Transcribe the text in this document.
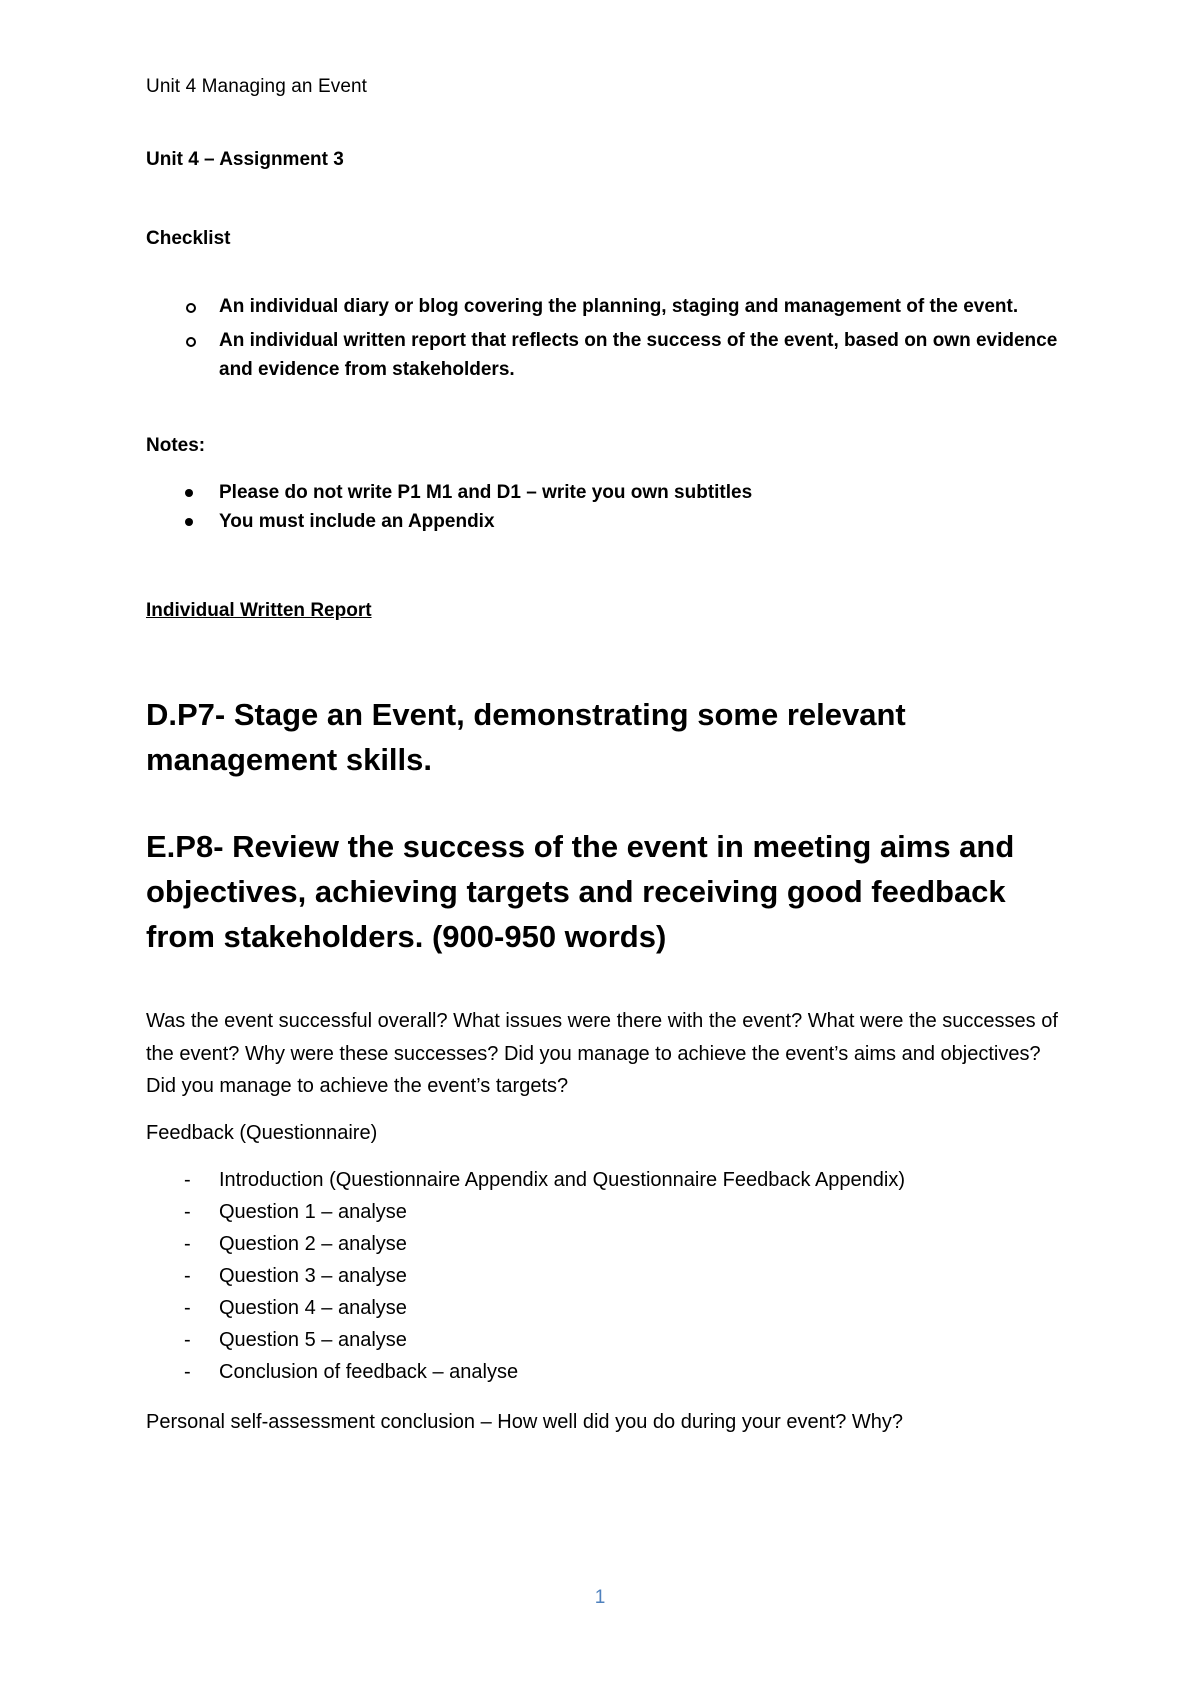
Unit 4 Managing an Event
Unit 4 – Assignment 3
Checklist
An individual diary or blog covering the planning, staging and management of the event.
An individual written report that reflects on the success of the event, based on own evidence and evidence from stakeholders.
Notes:
Please do not write P1 M1 and D1 – write you own subtitles
You must include an Appendix
Individual Written Report
D.P7- Stage an Event, demonstrating some relevant management skills.
E.P8- Review the success of the event in meeting aims and objectives, achieving targets and receiving good feedback from stakeholders. (900-950 words)

Was the event successful overall? What issues were there with the event? What were the successes of the event? Why were these successes? Did you manage to achieve the event’s aims and objectives? Did you manage to achieve the event’s targets?

Feedback (Questionnaire)

- Introduction (Questionnaire Appendix and Questionnaire Feedback Appendix)
- Question 1 – analyse
- Question 2 – analyse
- Question 3 – analyse
- Question 4 – analyse
- Question 5 – analyse
- Conclusion of feedback – analyse

Personal self-assessment conclusion – How well did you do during your event? Why?

1
